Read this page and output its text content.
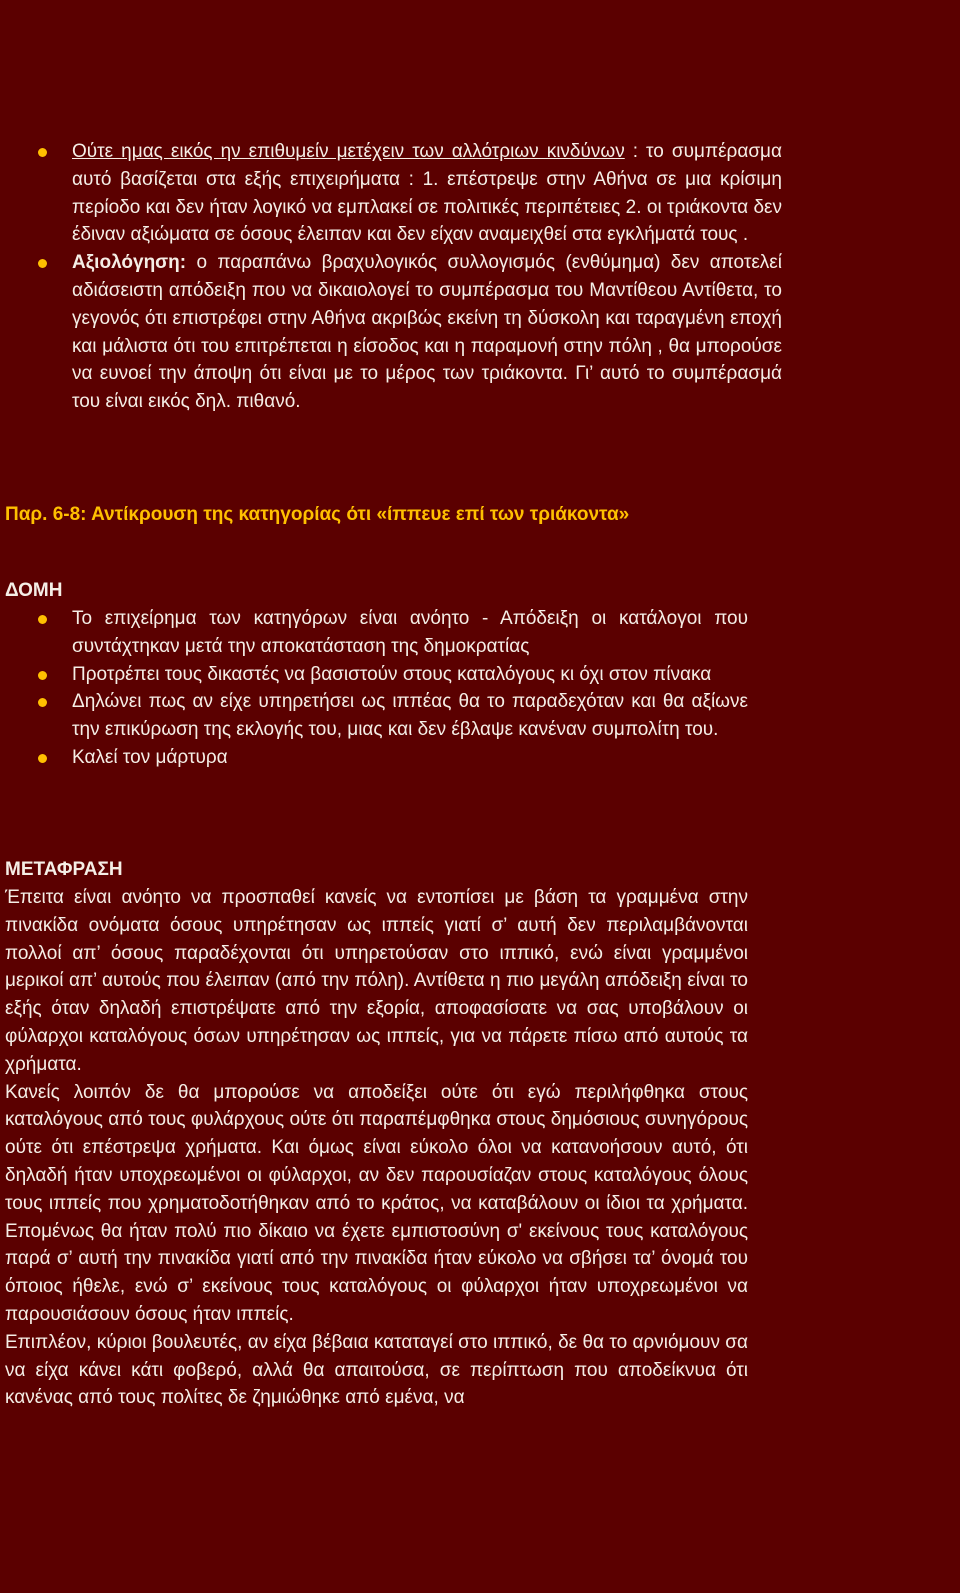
Ούτε ημας εικός ην επιθυμείν μετέχειν των αλλότριων κινδύνων : το συμπέρασμα αυτό βασίζεται στα εξής επιχειρήματα : 1. επέστρεψε στην Αθήνα σε μια κρίσιμη περίοδο και δεν ήταν λογικό να εμπλακεί σε πολιτικές περιπέτειες 2. οι τριάκοντα δεν έδιναν αξιώματα σε όσους έλειπαν και δεν είχαν αναμειχθεί στα εγκλήματά τους .
Αξιολόγηση: ο παραπάνω βραχυλογικός συλλογισμός (ενθύμημα) δεν αποτελεί αδιάσειστη απόδειξη που να δικαιολογεί το συμπέρασμα του Μαντίθεου Αντίθετα, το γεγονός ότι επιστρέφει στην Αθήνα ακριβώς εκείνη τη δύσκολη και ταραγμένη εποχή και μάλιστα ότι του επιτρέπεται η είσοδος και η παραμονή στην πόλη , θα μπορούσε να ευνοεί την άποψη ότι είναι με το μέρος των τριάκοντα. Γι’ αυτό το συμπέρασμά του είναι εικός δηλ. πιθανό.
Παρ. 6-8: Αντίκρουση της κατηγορίας ότι «ίππευε επί των τριάκοντα»
ΔΟΜΗ
Το επιχείρημα των κατηγόρων είναι ανόητο - Απόδειξη οι κατάλογοι που συντάχτηκαν μετά την αποκατάσταση της δημοκρατίας
Προτρέπει τους δικαστές να βασιστούν στους καταλόγους κι όχι στον πίνακα
Δηλώνει πως αν είχε υπηρετήσει ως ιππέας θα το παραδεχόταν και θα αξίωνε την επικύρωση της εκλογής του, μιας και δεν έβλαψε κανέναν συμπολίτη του.
Καλεί τον μάρτυρα
ΜΕΤΑΦΡΑΣΗ

Έπειτα είναι ανόητο να προσπαθεί κανείς να εντοπίσει με βάση τα γραμμένα στην πινακίδα ονόματα όσους υπηρέτησαν ως ιππείς γιατί σ’ αυτή δεν περιλαμβάνονται πολλοί απ’ όσους παραδέχονται ότι υπηρετούσαν στο ιππικό, ενώ είναι γραμμένοι μερικοί απ’ αυτούς που έλειπαν (από την πόλη). Αντίθετα η πιο μεγάλη απόδειξη είναι το εξής όταν δηλαδή επιστρέψατε από την εξορία, αποφασίσατε να σας υποβάλουν οι φύλαρχοι καταλόγους όσων υπηρέτησαν ως ιππείς, για να πάρετε πίσω από αυτούς τα χρήματα.

Κανείς λοιπόν δε θα μπορούσε να αποδείξει ούτε ότι εγώ περιλήφθηκα στους καταλόγους από τους φυλάρχους ούτε ότι παραπέμφθηκα στους δημόσιους συνηγόρους ούτε ότι επέστρεψα χρήματα. Και όμως είναι εύκολο όλοι να κατανοήσουν αυτό, ότι δηλαδή ήταν υποχρεωμένοι οι φύλαρχοι, αν δεν παρουσίαζαν στους καταλόγους όλους τους ιππείς που χρηματοδοτήθηκαν από το κράτος, να καταβάλουν οι ίδιοι τα χρήματα. Επομένως θα ήταν πολύ πιο δίκαιο να έχετε εμπιστοσύνη σ' εκείνους τους καταλόγους παρά σ’ αυτή την πινακίδα γιατί από την πινακίδα ήταν εύκολο να σβήσει τα’ όνομά του όποιος ήθελε, ενώ σ’ εκείνους τους καταλόγους οι φύλαρχοι ήταν υποχρεωμένοι να παρουσιάσουν όσους ήταν ιππείς.

Επιπλέον, κύριοι βουλευτές, αν είχα βέβαια καταταγεί στο ιππικό, δε θα το αρνιόμουν σα να είχα κάνει κάτι φοβερό, αλλά θα απαιτούσα, σε περίπτωση που αποδείκνυα ότι κανένας από τους πολίτες δε ζημιώθηκε από εμένα, να
